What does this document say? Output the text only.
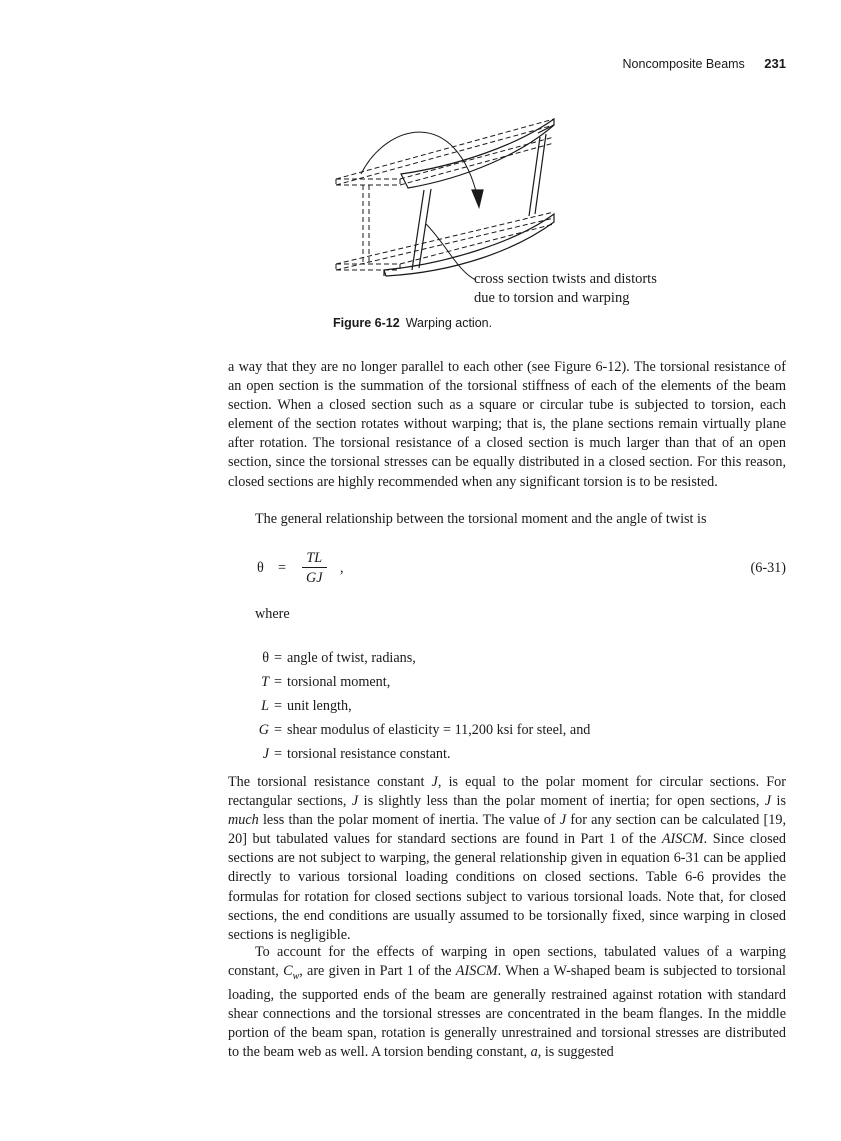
Noncomposite Beams 231
cross section twists and distorts
due to torsion and warping
Figure 6-12 Warping action.

a way that they are no longer parallel to each other (see Figure 6-12). The torsional resistance of an open section is the summation of the torsional stiffness of each of the elements of the beam section. When a closed section such as a square or circular tube is subjected to torsion, each element of the section rotates without warping; that is, the plane sections remain virtually plane after rotation. The torsional resistance of a closed section is much larger than that of an open section, since the torsional stresses can be equally distributed in a closed section. For this reason, closed sections are highly recommended when any significant torsion is to be resisted.

The general relationship between the torsional moment and the angle of twist is

$\theta = \frac{TL}{GJ}$ ,	(6-31)
where
θ = angle of twist, radians,
T = torsional moment,
L = unit length,
G = shear modulus of elasticity = 11,200 ksi for steel, and
J = torsional resistance constant.

The torsional resistance constant J, is equal to the polar moment for circular sections. For rectangular sections, J is slightly less than the polar moment of inertia; for open sections, J is much less than the polar moment of inertia. The value of J for any section can be calculated [19, 20] but tabulated values for standard sections are found in Part 1 of the AISCM. Since closed sections are not subject to warping, the general relationship given in equation 6-31 can be applied directly to various torsional loading conditions on closed sections. Table 6-6 provides the formulas for rotation for closed sections subject to various torsional loads. Note that, for closed sections, the end conditions are usually assumed to be torsionally fixed, since warping in closed sections is negligible.

To account for the effects of warping in open sections, tabulated values of a warping constant, $C_w$, are given in Part 1 of the AISCM. When a W-shaped beam is subjected to torsional loading, the supported ends of the beam are generally restrained against rotation with standard shear connections and the torsional stresses are concentrated in the beam flanges. In the middle portion of the beam span, rotation is generally unrestrained and torsional stresses are distributed to the beam web as well. A torsion bending constant, a, is suggested
